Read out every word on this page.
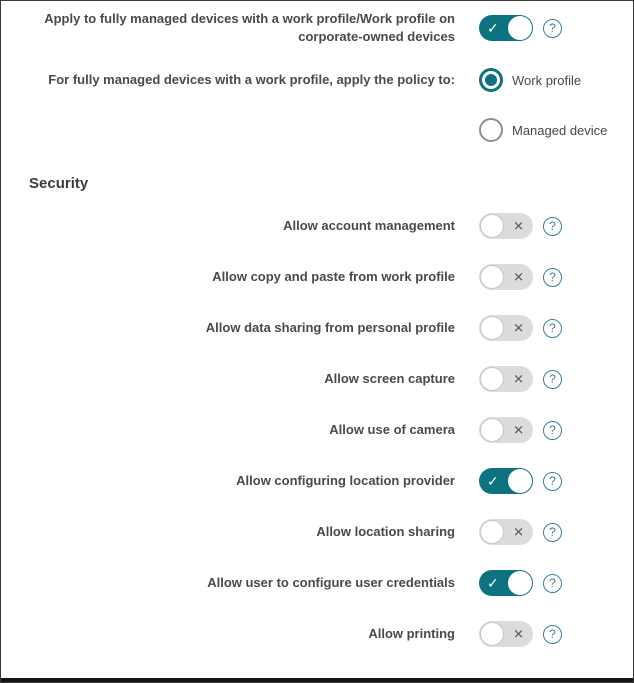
Apply to fully managed devices with a work profile/Work profile on corporate-owned devices
✓	?
For fully managed devices with a work profile, apply the policy to:	Work profile
Managed device
Security
Allow account management	✕ ?
Allow copy and paste from work profile	✕ ?
Allow data sharing from personal profile	✕ ?
Allow screen capture	✕ ?
Allow use of camera	✕ ?
Allow configuring location provider	✓	?
Allow location sharing	✕ ?
Allow user to configure user credentials	✓	?
Allow printing	✕ ?
